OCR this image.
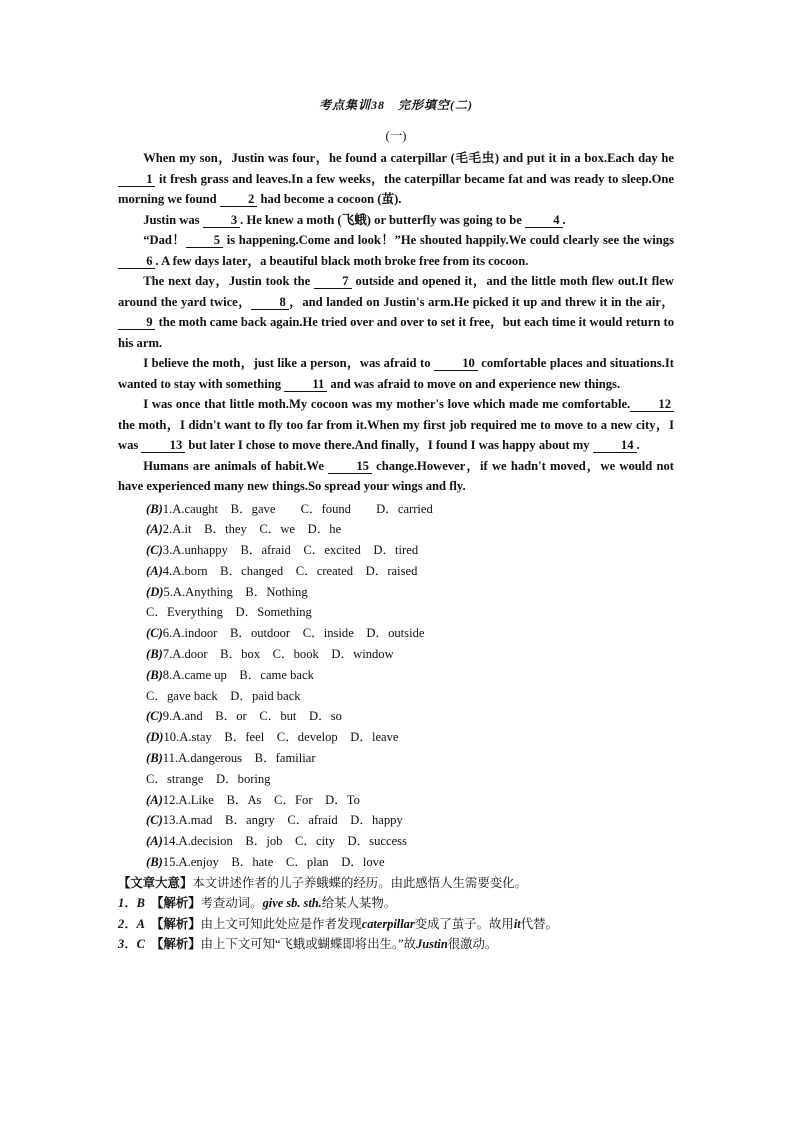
考点集训38　完形填空(二)
(一)

When my son，Justin was four，he found a caterpillar (毛毛虫) and put it in a box.Each day he 1 it fresh grass and leaves.In a few weeks，the caterpillar became fat and was ready to sleep.One morning we found 2 had become a cocoon (茧).

Justin was 3 . He knew a moth (飞蛾) or butterfly was going to be 4 .

“Dad！ 5 is happening.Come and look！”He shouted happily.We could clearly see the wings 6 . A few days later，a beautiful black moth broke free from its cocoon.

The next day，Justin took the 7 outside and opened it，and the little moth flew out.It flew around the yard twice， 8 ，and landed on Justin's arm.He picked it up and threw it in the air，9 the moth came back again.He tried over and over to set it free，but each time it would return to his arm.

I believe the moth，just like a person，was afraid to 10 comfortable places and situations.It wanted to stay with something 11 and was afraid to move on and experience new things.

I was once that little moth.My cocoon was my mother's love which made me comfortable. 12 the moth，I didn't want to fly too far from it.When my first job required me to move to a new city，I was 13 but later I chose to move there.And finally，I found I was happy about my 14 .

Humans are animals of habit.We 15 change.However，if we hadn't moved，we would not have experienced many new things.So spread your wings and fly.

(B)1.A.caught　B．gave　　C．found　　D．carried
(A)2.A.it　B．they　C．we　D．he
(C)3.A.unhappy　B．afraid　C．excited　D．tired
(A)4.A.born　B．changed　C．created　D．raised
(D)5.A.Anything　B．Nothing
C．Everything　D．Something
(C)6.A.indoor　B．outdoor　C．inside　D．outside
(B)7.A.door　B．box　C．book　D．window
(B)8.A.came up　B．came back
C．gave back　D．paid back
(C)9.A.and　B．or　C．but　D．so
(D)10.A.stay　B．feel　C．develop　D．leave
(B)11.A.dangerous　B．familiar
C．strange　D．boring
(A)12.A.Like　B．As　C．For　D．To
(C)13.A.mad　B．angry　C．afraid　D．happy
(A)14.A.decision　B．job　C．city　D．success
(B)15.A.enjoy　B．hate　C．plan　D．love
【文章大意】本文讲述作者的儿子养蛾蝶的经历。由此感悟人生需要变化。
1．B　 【解析】考查动词。give sb. sth.给某人某物。
2．A　 【解析】由上文可知此处应是作者发现caterpillar变成了茧子。故用it代替。
3．C　 【解析】由上下文可知“飞蛾或蝴蝶即将出生。”故Justin很激动。
